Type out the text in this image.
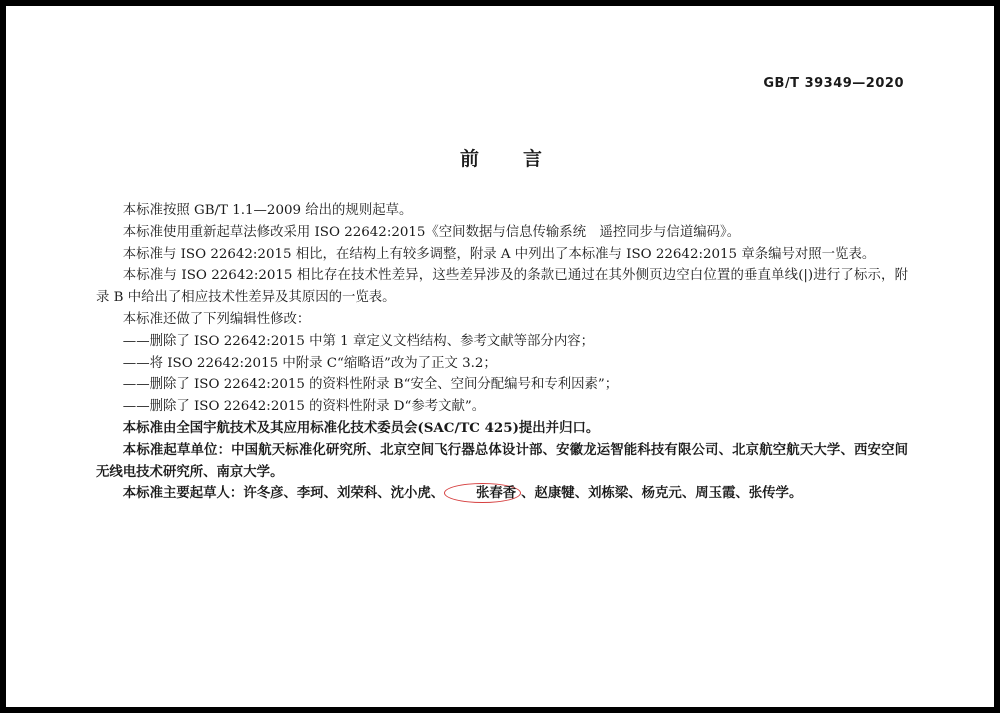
GB/T 39349—2020
前言

本标准按照 GB/T 1.1—2009 给出的规则起草。

本标准使用重新起草法修改采用 ISO 22642:2015《空间数据与信息传输系统　遥控同步与信道编码》。

本标准与 ISO 22642:2015 相比，在结构上有较多调整，附录 A 中列出了本标准与 ISO 22642:2015 章条编号对照一览表。

本标准与 ISO 22642:2015 相比存在技术性差异，这些差异涉及的条款已通过在其外侧页边空白位置的垂直单线(|)进行了标示，附录 B 中给出了相应技术性差异及其原因的一览表。

本标准还做了下列编辑性修改：

——删除了 ISO 22642:2015 中第 1 章定义文档结构、参考文献等部分内容；

——将 ISO 22642:2015 中附录 C“缩略语”改为了正文 3.2；

——删除了 ISO 22642:2015 的资料性附录 B“安全、空间分配编号和专利因素”；

——删除了 ISO 22642:2015 的资料性附录 D“参考文献”。

本标准由全国宇航技术及其应用标准化技术委员会(SAC/TC 425)提出并归口。

本标准起草单位：中国航天标准化研究所、北京空间飞行器总体设计部、安徽龙运智能科技有限公司、北京航空航天大学、西安空间无线电技术研究所、南京大学。

本标准主要起草人：许冬彦、李珂、刘荣科、沈小虎、 张春香 、赵康犍、刘栋梁、杨克元、周玉霞、张传学。
